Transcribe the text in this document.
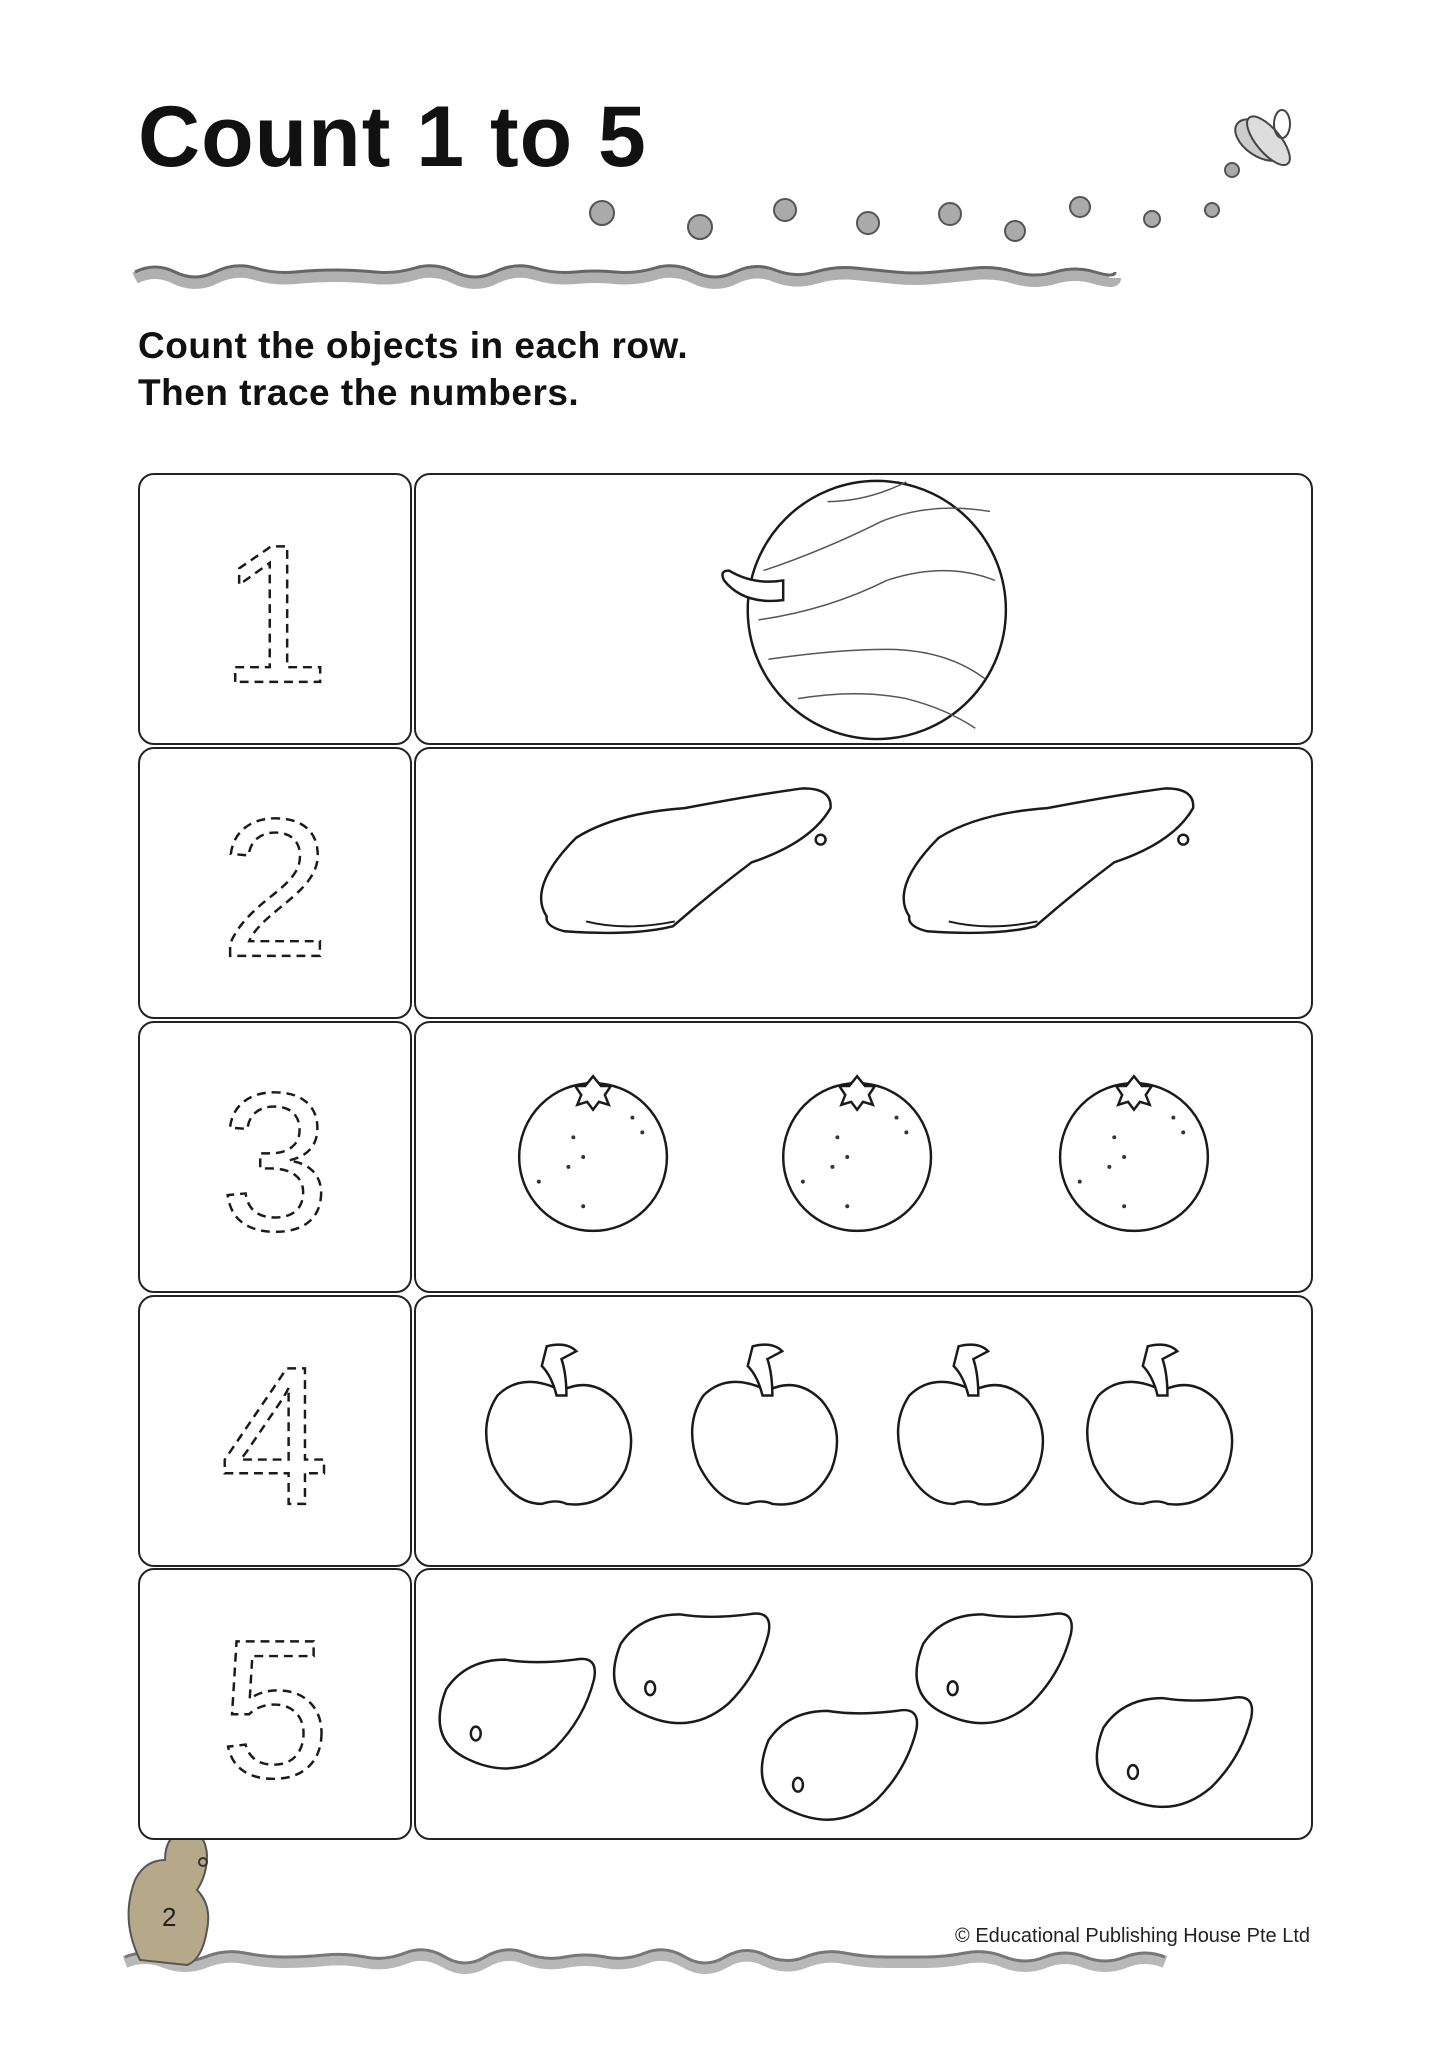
Count 1 to 5
Count the objects in each row.
Then trace the numbers.
1
2
3
4
5
2
© Educational Publishing House Pte Ltd
